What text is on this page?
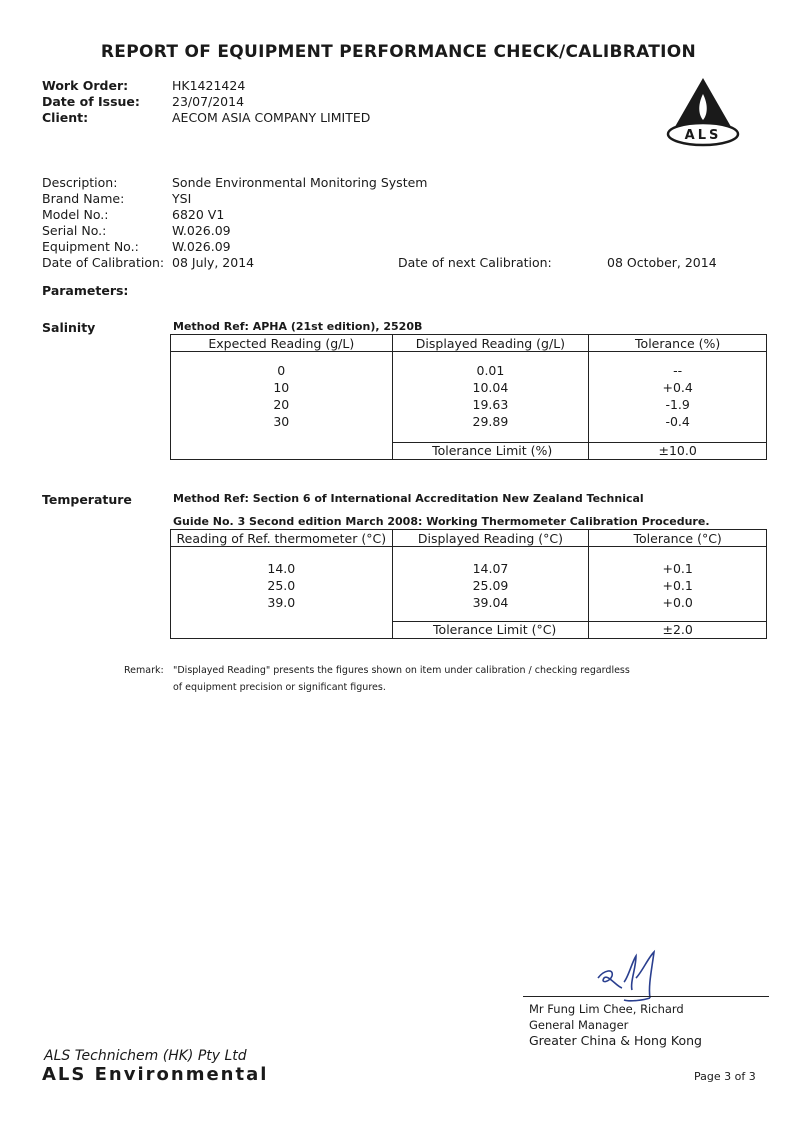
REPORT OF EQUIPMENT PERFORMANCE CHECK/CALIBRATION
Work Order:	HK1421424
Date of Issue:	23/07/2014
Client:	AECOM ASIA COMPANY LIMITED
ALS
Description:	Sonde Environmental Monitoring System
Brand Name:	YSI
Model No.:	6820 V1
Serial No.:	W.026.09
Equipment No.:	W.026.09
Date of Calibration: 08 July, 2014	Date of next Calibration:	08 October, 2014
Parameters:
Salinity	Method Ref: APHA (21st edition), 2520B
Expected Reading (g/L)	Displayed Reading (g/L)	Tolerance (%)

0	0.01	--
10	10.04	+0.4
20	19.63	-1.9
30	29.89	-0.4

	Tolerance Limit (%)	±10.0
Temperature	Method Ref: Section 6 of International Accreditation New Zealand Technical
Guide No. 3 Second edition March 2008: Working Thermometer Calibration Procedure.
Reading of Ref. thermometer (°C)	Displayed Reading (°C)	Tolerance (°C)

14.0	14.07	+0.1
25.0	25.09	+0.1
39.0	39.04	+0.0

	Tolerance Limit (°C)	±2.0
Remark: "Displayed Reading" presents the figures shown on item under calibration / checking regardless
of equipment precision or significant figures.
Mr Fung Lim Chee, Richard
General Manager
Greater China & Hong Kong
ALS Technichem (HK) Pty Ltd
ALS Environmental	Page 3 of 3
